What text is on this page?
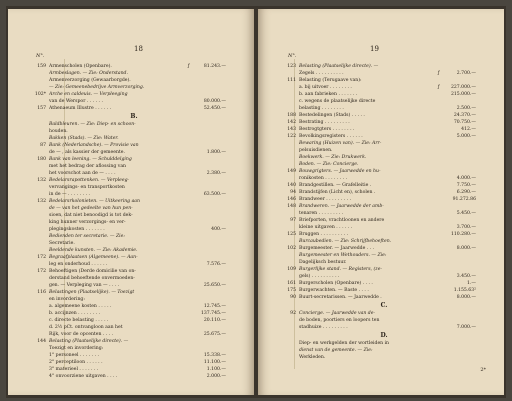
18
N°.
159 Armenscholen (Openbare).	ƒ	81.243.—
Armbeslagen. — Zie: Onderstand.
Armenverzorging (Gewaarborgde).
— Zie: Gemeenebedrijve Armverzorging.
102* Arche en caldeuis. — Verpleeging
van de Werspor . . . . . .	80.000.—
157 Athenaeum Illustre . . . . . .	52.450.—
B.
Baldbleuren. — Zie: Diep- en schoon-
houden.
Bakken (Stads). — Zie: Water.
87 Bank (Nederlandsche). — Provisie van
de — , als kassier der gemeente.	1.800.—
180 Bank van leening. — Schulddelging
met het bedrag der aflossing van
het voorschot aan de — . . . .	2.380.—
132 Bedelarsrapottenken. — Verpleeg-
vervangings- en transportkosten
in de — . . . . . . . .	63.500.—
132 Bedelarsrkolonieten. — Uitkeering aan
de — van het gedeelte van hun pen-
sioen, dat niet benoodigd is tot dek-
king hunner verzorgings- en ver-
plegingskosten . . . . . . .	400.—
Bedienden ter secretarie. — Zie:
Secretarie.
Beeldende kunsten. — Zie: Akademie.
172 Begraafplaatsen (Algemeene). — Aan-
leg en onderhoud . . . . . .	7.576.—
172 Behoeftigen (Derde domicilie van on-
derstand behoeftende onvermoeden-
gen. — Verpleging van — . . . .	25.650.—
116 Belastingen (Plaatselijke). — Toezigt
en invordering:
a. algemeene kosten . . . . .	12.745.—
b. accijnzen . . . . . . . .	137.745.—
c. directe belasting . . . . .	20.110.—
d. 2½ pCt. ontvangloon aan het
Rijk, voor de opcenten . . . .	25.675.—
144 Belasting (Plaatselijke directe). —
Toezigt en invordering:
1° personeel . . . . . . .	15.338.—
2° perceptiloon . . . . . .	11.100.—
3° materieel . . . . . . .	1.100.—
4° onvoorziene uitgaven . . . .	2.000.—
19
N°.
123 Belasting (Plaatselijke directe). —
Zegels . . . . . . . . . .	ƒ	2.700.—
111 Belasting (Terugaave van):
a. bij uitvoer . . . . . . . .	ƒ	227.000.—
b. aan fabrieken . . . . . . .	215.000.—
c. wegens de plaatselijke directe
belasting . . . . . . . .	2.500.—
188 Bestedelingen (Stads) . . . . .	24.370.—
142 Bestrating . . . . . . . . .	70.750.—
143 Bestrogtgters . . . . . . . .	412.—
122 Bevolkingsregisters . . . . . .	5.000.—
Bewaring (Huizen van). — Zie: Arr-
pelsuisdienen.
Boekwerk. — Zie: Drukwerk.
Boden. — Zie: Concierge.
149 Bouwgrigters. — Jaarwedde en hu-
ronikosten . . . . . . . .	4.000.—
140 Brandgestillen. — Grafelleitie .	7.750.—
94 Brandstijfen (Licht en), scholen .	6.290.—
146 Brandweer . . . . . . . . .	91.272.86
148 Brandweren. — Jaarwedde der amb-
tenaren . . . . . . . . .	5.450.—
97 Briefporten, vrachtloonen en andere
kleine uitgaven . . . . . .	3.700.—
125 Bruggen . . . . . . . . . .	110.280.—
Burcaubedien. — Zie: Schrijfbehoeften.
102 Burgemeester. — Jaarwedde . . .	8.000.—
Burgemeester en Wethouders. — Zie:
Dagelijksch bestuur.
109 Burgerlijke stand. — Registers, (ze-
gels) . . . . . . . . . .	3.450.—
161 Burgerscholen (Openbare) . . . .	1.—
175 Burgerwachten. — Baste . . . .	1.155.63²
90 Buurt-secretarissen. — Jaarwedde .	8.000.—
C.
92 Concierge. — Jaarwedde van de-
de boden, poortiers en loopers ten
stadhuize . . . . . . . . .	7.000.—
D.
Diep- en werkgelden der wortleiden in
dienst van de gemeente. — Zie:
Werkleden.
2*
